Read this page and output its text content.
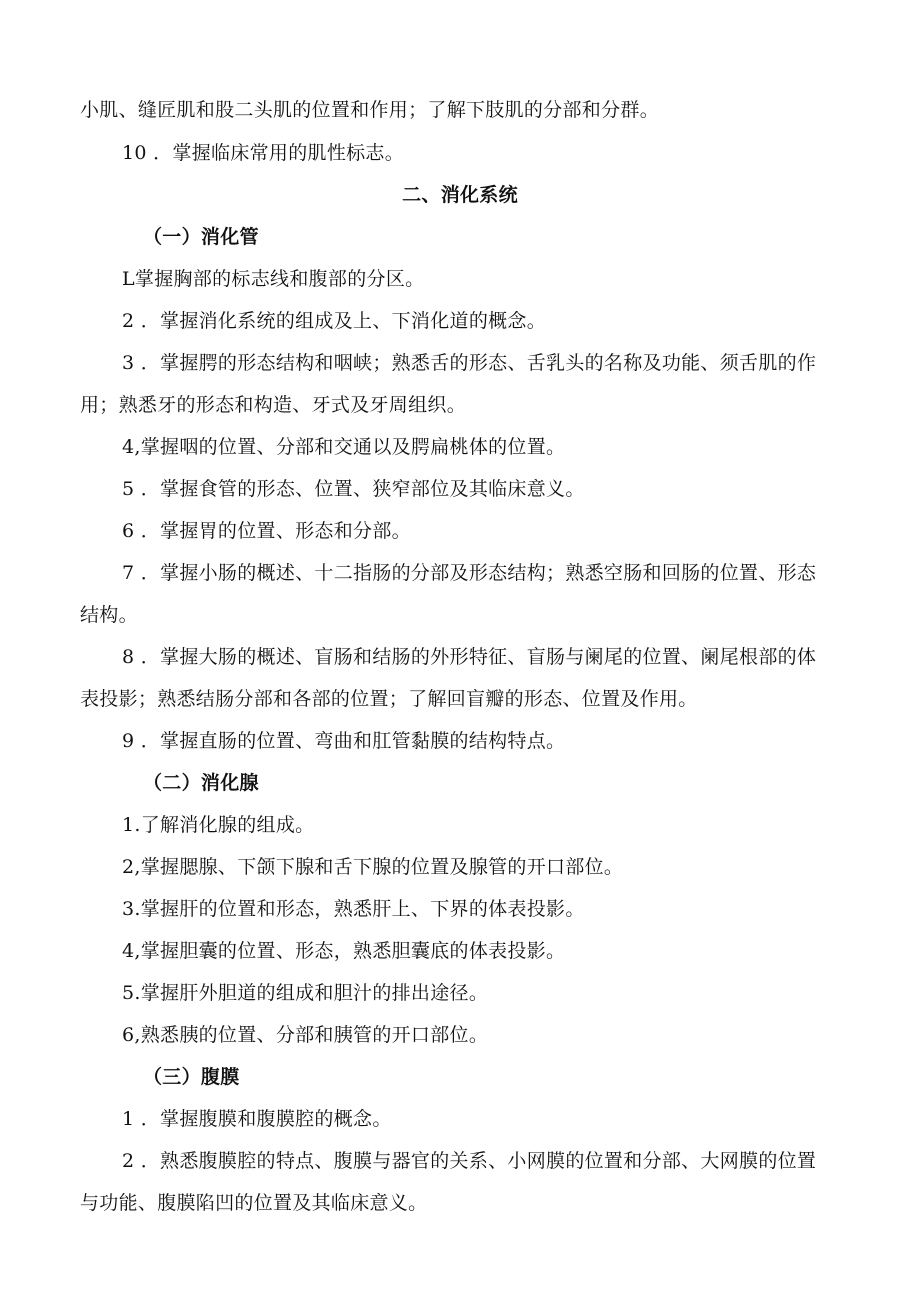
小肌、缝匠肌和股二头肌的位置和作用；了解下肢肌的分部和分群。
10 ．掌握临床常用的肌性标志。
二、消化系统
（一）消化管
L掌握胸部的标志线和腹部的分区。
2 ．掌握消化系统的组成及上、下消化道的概念。
3 ．掌握腭的形态结构和咽峡；熟悉舌的形态、舌乳头的名称及功能、须舌肌的作
用；熟悉牙的形态和构造、牙式及牙周组织。
4,掌握咽的位置、分部和交通以及腭扁桃体的位置。
5 ．掌握食管的形态、位置、狭窄部位及其临床意义。
6 ．掌握胃的位置、形态和分部。
7 ．掌握小肠的概述、十二指肠的分部及形态结构；熟悉空肠和回肠的位置、形态
结构。
8 ．掌握大肠的概述、盲肠和结肠的外形特征、盲肠与阑尾的位置、阑尾根部的体
表投影；熟悉结肠分部和各部的位置；了解回盲瓣的形态、位置及作用。
9 ．掌握直肠的位置、弯曲和肛管黏膜的结构特点。
（二）消化腺
1.了解消化腺的组成。
2,掌握腮腺、下颌下腺和舌下腺的位置及腺管的开口部位。
3.掌握肝的位置和形态，熟悉肝上、下界的体表投影。
4,掌握胆囊的位置、形态，熟悉胆囊底的体表投影。
5.掌握肝外胆道的组成和胆汁的排出途径。
6,熟悉胰的位置、分部和胰管的开口部位。
（三）腹膜
1 ．掌握腹膜和腹膜腔的概念。
2 ．熟悉腹膜腔的特点、腹膜与器官的关系、小网膜的位置和分部、大网膜的位置
与功能、腹膜陷凹的位置及其临床意义。
